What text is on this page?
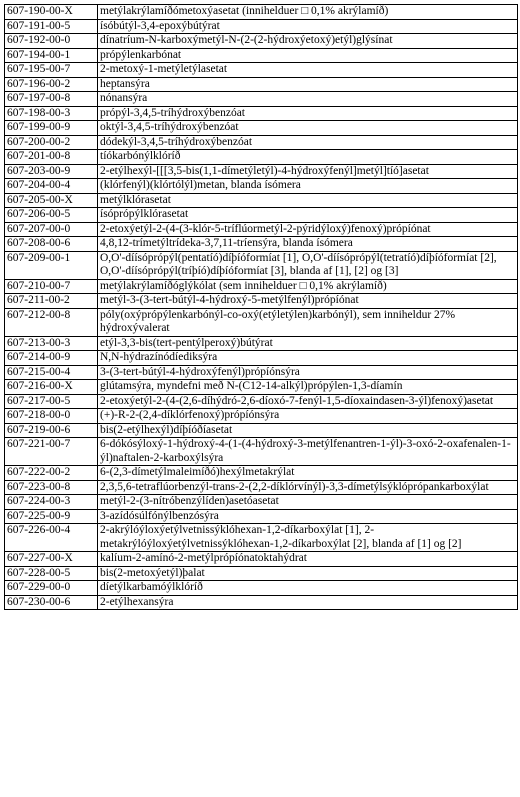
607-190-00-X	metýlakrýlamíðómetoxýasetat (innihelduer □ 0,1% akrýlamíð)
607-191-00-5	ísóbútýl-3,4-epoxýbútýrat
607-192-00-0	dínatríum-N-karboxýmetýl-N-(2-(2-hýdroxýetoxý)etýl)glýsínat
607-194-00-1	própýlenkarbónat
607-195-00-7	2-metoxý-1-metýletýlasetat
607-196-00-2	heptansýra
607-197-00-8	nónansýra
607-198-00-3	própýl-3,4,5-tríhýdroxýbenzóat
607-199-00-9	oktýl-3,4,5-tríhýdroxýbenzóat
607-200-00-2	dódekýl-3,4,5-tríhýdroxýbenzóat
607-201-00-8	tíókarbónýlklóríð
607-203-00-9	2-etýlhexýl-[[[3,5-bis(1,1-dímetýletýl)-4-hýdroxýfenýl]metýl]tíó]asetat
607-204-00-4	(klórfenýl)(klórtólýl)metan, blanda ísómera
607-205-00-X	metýlklórasetat
607-206-00-5	ísóprópýlklórasetat
607-207-00-0	2-etoxýetýl-2-(4-(3-klór-5-tríflúormetýl-2-pýridýloxý)fenoxý)própíónat
607-208-00-6	4,8,12-trímetýltrídeka-3,7,11-tríensýra, blanda ísómera
607-209-00-1	O,O'-díísóprópýl(pentatíó)díþíóformíat [1], O,O'-díísóprópýl(tetratíó)díþíóformíat [2], O,O'-díísóprópýl(tríþíó)díþíóformíat [3], blanda af [1], [2] og [3]
607-210-00-7	metýlakrýlamíðóglýkólat (sem innihelduer □ 0,1% akrýlamíð)
607-211-00-2	metýl-3-(3-tert-bútýl-4-hýdroxý-5-metýlfenýl)própíónat
607-212-00-8	póly(oxýprópýlenkarbónýl-co-oxý(etýletýlen)karbónýl), sem inniheldur 27% hýdroxývalerat
607-213-00-3	etýl-3,3-bis(tert-pentýlperoxý)bútýrat
607-214-00-9	N,N-hýdrazínódíediksýra
607-215-00-4	3-(3-tert-bútýl-4-hýdroxýfenýl)própíónsýra
607-216-00-X	glútamsýra, myndefni með N-(C12-14-alkýl)própýlen-1,3-díamín
607-217-00-5	2-etoxýetýl-2-(4-(2,6-díhýdró-2,6-díoxó-7-fenýl-1,5-díoxaindasen-3-ýl)fenoxý)asetat
607-218-00-0	(+)-R-2-(2,4-díklórfenoxý)própíónsýra
607-219-00-6	bis(2-etýlhexýl)díþíóðíasetat
607-221-00-7	6-dókósýloxý-1-hýdroxý-4-(1-(4-hýdroxý-3-metýlfenantren-1-ýl)-3-oxó-2-oxafenalen-1-ýl)naftalen-2-karboxýlsýra
607-222-00-2	6-(2,3-dímetýlmaleimíðó)hexýlmetakrýlat
607-223-00-8	2,3,5,6-tetraflúorbenzýl-trans-2-(2,2-díklórvínýl)-3,3-dímetýlsýklóprópankarboxýlat
607-224-00-3	metýl-2-(3-nítróbenzýlíden)asetóasetat
607-225-00-9	3-azídósúlfónýlbenzósýra
607-226-00-4	2-akrýlóýloxýetýlvetnissýklóhexan-1,2-díkarboxýlat [1], 2-metakrýlóýloxýetýlvetnissýklóhexan-1,2-díkarboxýlat [2], blanda af [1] og [2]
607-227-00-X	kalíum-2-amínó-2-metýlprópíónatoktahýdrat
607-228-00-5	bis(2-metoxýetýl)þalat
607-229-00-0	díetýlkarbamóýlklóríð
607-230-00-6	2-etýlhexansýra
